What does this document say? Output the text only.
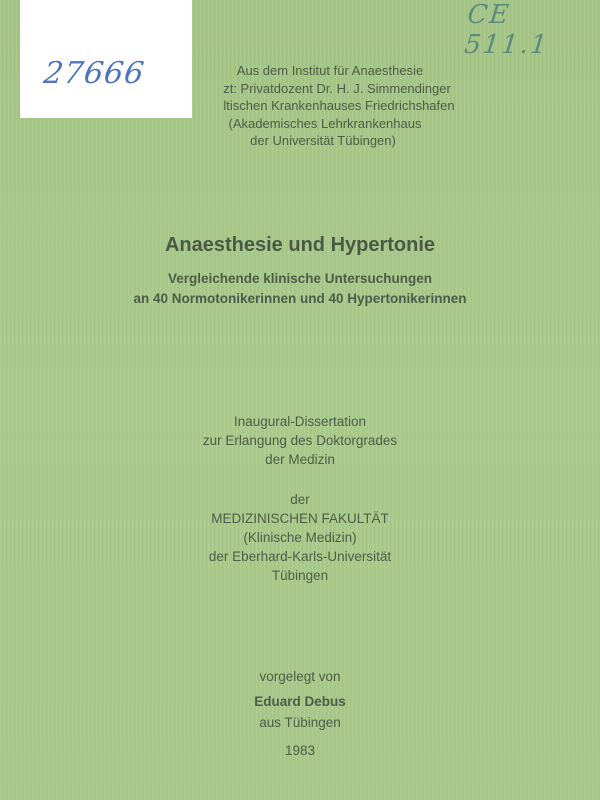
27666
CE 511.1
Aus dem Institut für Anaesthesie
zt: Privatdozent Dr. H. J. Simmendinger
ltischen Krankenhauses Friedrichshafen
(Akademisches Lehrkrankenhaus
der Universität Tübingen)
Anaesthesie und Hypertonie
Vergleichende klinische Untersuchungen
an 40 Normotonikerinnen und 40 Hypertonikerinnen
Inaugural-Dissertation
zur Erlangung des Doktorgrades
der Medizin
der
MEDIZINISCHEN FAKULTÄT
(Klinische Medizin)
der Eberhard-Karls-Universität
Tübingen
vorgelegt von
Eduard Debus
aus Tübingen
1983
